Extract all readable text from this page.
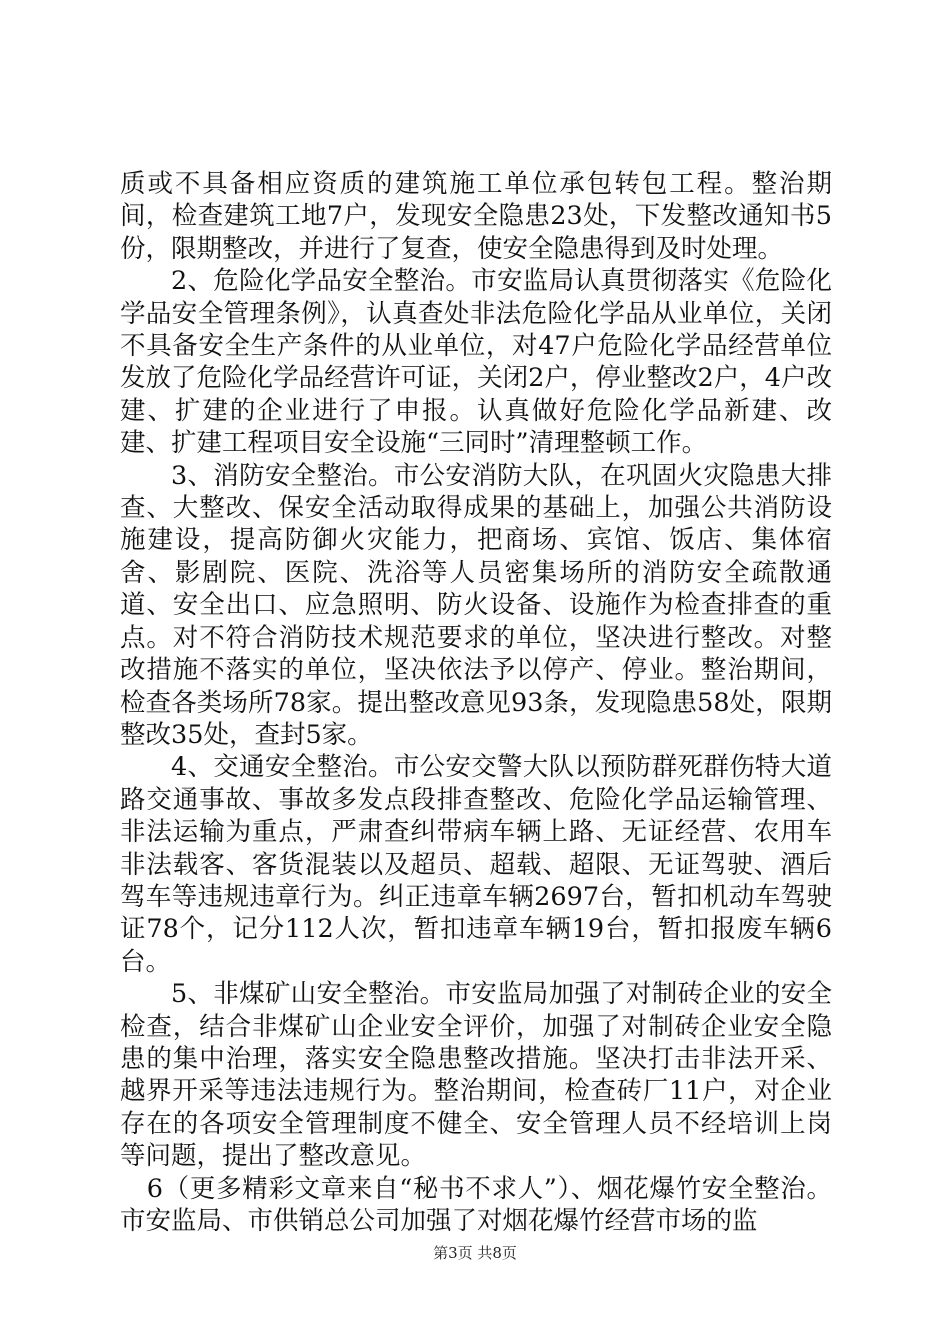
质或不具备相应资质的建筑施工单位承包转包工程。整治期间，检查建筑工地7户，发现安全隐患23处，下发整改通知书5份，限期整改，并进行了复查，使安全隐患得到及时处理。

2、危险化学品安全整治。市安监局认真贯彻落实《危险化学品安全管理条例》，认真查处非法危险化学品从业单位，关闭不具备安全生产条件的从业单位，对47户危险化学品经营单位发放了危险化学品经营许可证，关闭2户，停业整改2户，4户改建、扩建的企业进行了申报。认真做好危险化学品新建、改建、扩建工程项目安全设施“三同时”清理整顿工作。

3、消防安全整治。市公安消防大队，在巩固火灾隐患大排查、大整改、保安全活动取得成果的基础上，加强公共消防设施建设，提高防御火灾能力，把商场、宾馆、饭店、集体宿舍、影剧院、医院、洗浴等人员密集场所的消防安全疏散通道、安全出口、应急照明、防火设备、设施作为检查排查的重点。对不符合消防技术规范要求的单位，坚决进行整改。对整改措施不落实的单位，坚决依法予以停产、停业。整治期间，检查各类场所78家。提出整改意见93条，发现隐患58处，限期整改35处，查封5家。

4、交通安全整治。市公安交警大队以预防群死群伤特大道路交通事故、事故多发点段排查整改、危险化学品运输管理、非法运输为重点，严肃查纠带病车辆上路、无证经营、农用车非法载客、客货混装以及超员、超载、超限、无证驾驶、酒后驾车等违规违章行为。纠正违章车辆2697台，暂扣机动车驾驶证78个，记分112人次，暂扣违章车辆19台，暂扣报废车辆6台。

5、非煤矿山安全整治。市安监局加强了对制砖企业的安全检查，结合非煤矿山企业安全评价，加强了对制砖企业安全隐患的集中治理，落实安全隐患整改措施。坚决打击非法开采、越界开采等违法违规行为。整治期间，检查砖厂11户，对企业存在的各项安全管理制度不健全、安全管理人员不经培训上岗等问题，提出了整改意见。

6（更多精彩文章来自“秘书不求人”）、烟花爆竹安全整治。市安监局、市供销总公司加强了对烟花爆竹经营市场的监

第3页 共8页
